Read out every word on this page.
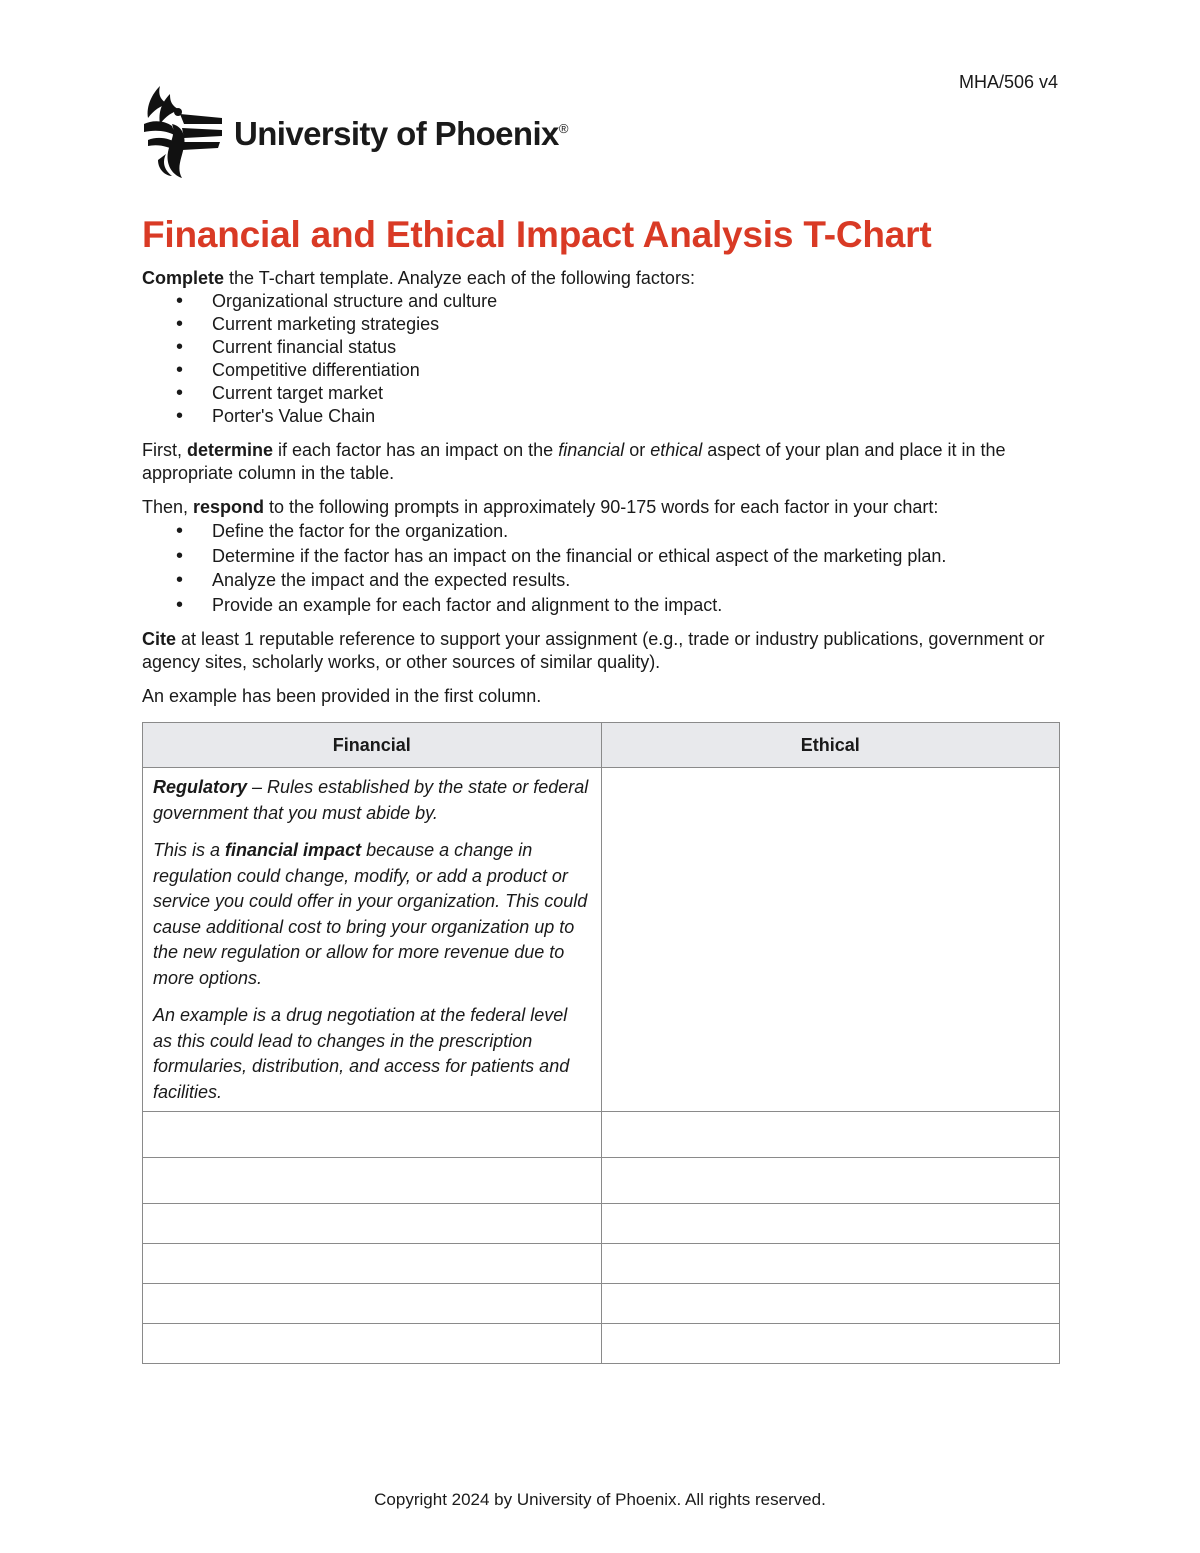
MHA/506 v4
University of Phoenix®
Financial and Ethical Impact Analysis T-Chart

Complete the T-chart template. Analyze each of the following factors:

• Organizational structure and culture
• Current marketing strategies
• Current financial status
• Competitive differentiation
• Current target market
• Porter's Value Chain

First, determine if each factor has an impact on the financial or ethical aspect of your plan and place it in the appropriate column in the table.

Then, respond to the following prompts in approximately 90-175 words for each factor in your chart:

• Define the factor for the organization.
• Determine if the factor has an impact on the financial or ethical aspect of the marketing plan.
• Analyze the impact and the expected results.
• Provide an example for each factor and alignment to the impact.

Cite at least 1 reputable reference to support your assignment (e.g., trade or industry publications, government or agency sites, scholarly works, or other sources of similar quality).

An example has been provided in the first column.

Financial	Ethical

Regulatory – Rules established by the state or federal government that you must abide by.

This is a financial impact because a change in regulation could change, modify, or add a product or service you could offer in your organization. This could cause additional cost to bring your organization up to the new regulation or allow for more revenue due to more options.

An example is a drug negotiation at the federal level as this could lead to changes in the prescription formularies, distribution, and access for patients and facilities.	

Copyright 2024 by University of Phoenix. All rights reserved.
